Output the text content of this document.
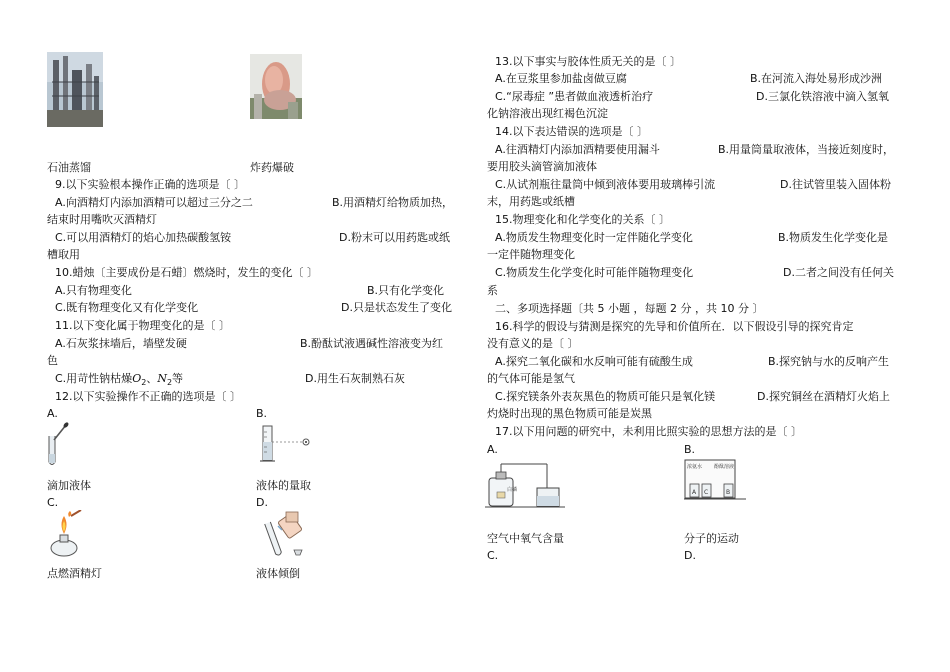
石油蒸馏	炸药爆破
9.以下实验根本操作正确的选项是〔 〕
A.向酒精灯内添加酒精可以超过三分之二	B.用酒精灯给物质加热，
结束时用嘴吹灭酒精灯
C.可以用酒精灯的焰心加热碳酸氢铵	D.粉末可以用药匙或纸
槽取用
10.蜡烛〔主要成份是石蜡〕燃烧时，发生的变化〔 〕
A.只有物理变化	B.只有化学变化
C.既有物理变化又有化学变化	D.只是状态发生了变化
11.以下变化属于物理变化的是〔 〕
A.石灰浆抹墙后，墙壁发硬	B.酚酞试液遇碱性溶液变为红
色
C.用苛性钠枯燥$O_2$、$N_2$等	D.用生石灰制熟石灰
12.以下实验操作不正确的选项是〔 〕
A.	B.
滴加液体	液体的量取
C.	D.
点燃酒精灯	液体倾倒
13.以下事实与胶体性质无关的是〔 〕
A.在豆浆里参加盐卤做豆腐	B.在河流入海处易形成沙洲
C.“尿毒症 ”患者做血液透析治疗	D.三氯化铁溶液中滴入氢氧
化钠溶液出现红褐色沉淀
14.以下表达错误的选项是〔 〕
A.往酒精灯内添加酒精要使用漏斗	B.用量筒量取液体，当接近刻度时，
要用胶头滴管滴加液体
C.从试剂瓶往量筒中倾到液体要用玻璃棒引流	D.往试管里装入固体粉
末，用药匙或纸槽
15.物理变化和化学变化的关系〔 〕
A.物质发生物理变化时一定伴随化学变化	B.物质发生化学变化是
一定伴随物理变化
C.物质发生化学变化时可能伴随物理变化	D.二者之间没有任何关
系
二、多项选择题〔共 5 小题 ，每题 2 分 ，共 10 分 〕
16.科学的假设与猜测是探究的先导和价值所在．以下假设引导的探究肯定
没有意义的是〔 〕
A.探究二氧化碳和水反响可能有硫酸生成	B.探究钠与水的反响产生
的气体可能是氢气
C.探究镁条外表灰黑色的物质可能只是氧化镁	D.探究铜丝在酒精灯火焰上
灼烧时出现的黑色物质可能是炭黑
17.以下用问题的研究中，未利用比照实验的思想方法的是〔 〕
A.	B.
白磷
浓氨水 酚酞溶液
A C	B
空气中氧气含量	分子的运动
C.	D.
